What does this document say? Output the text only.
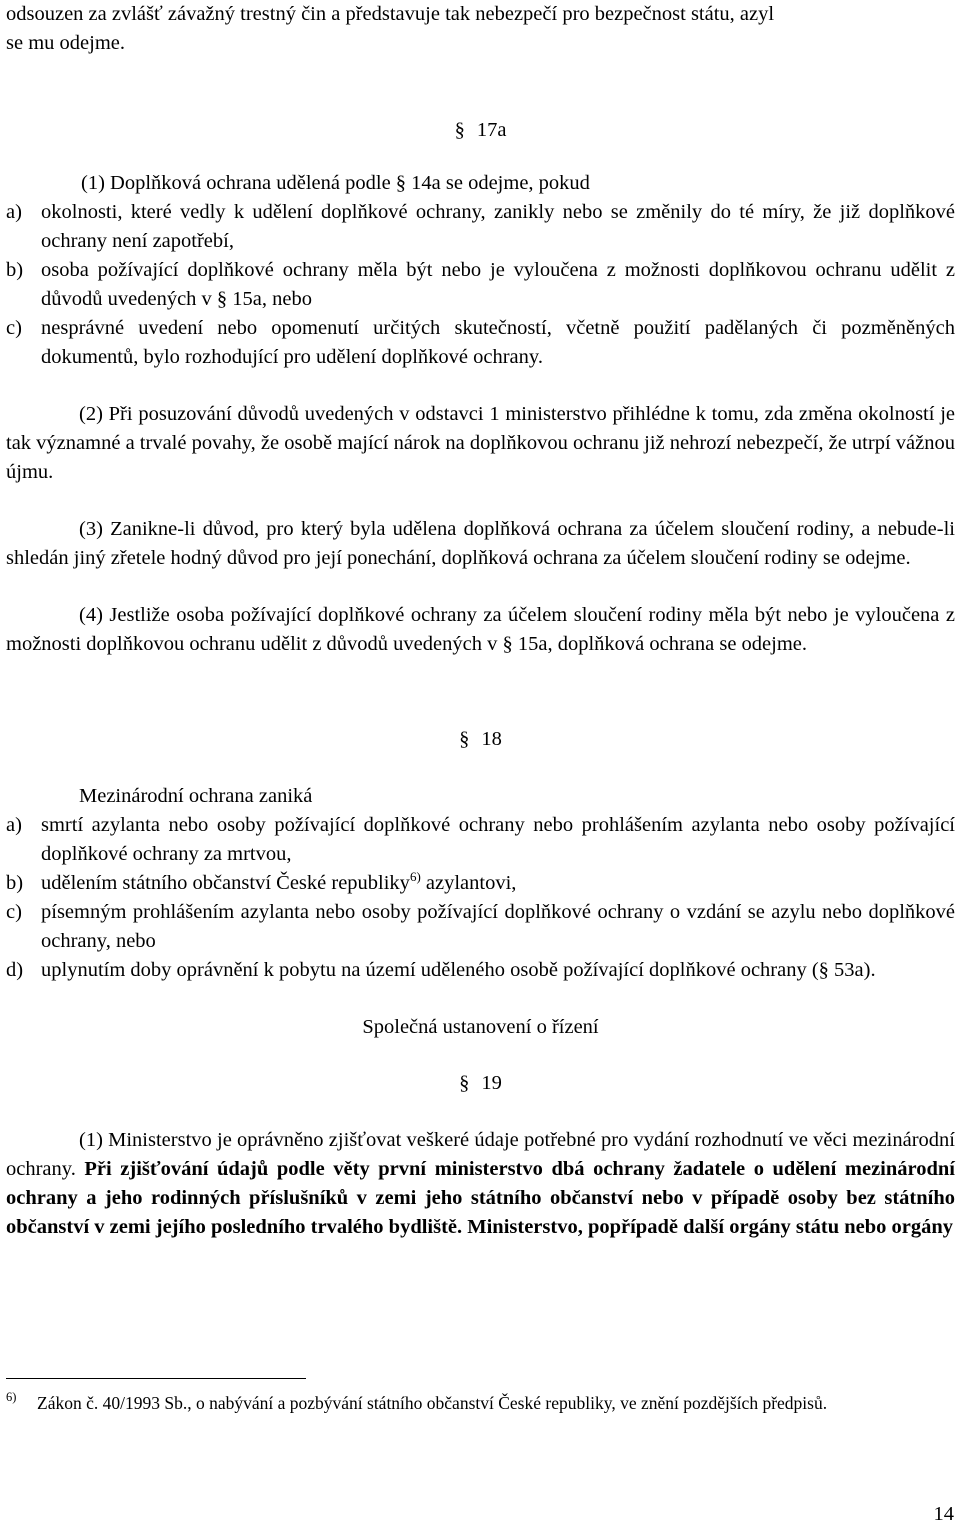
odsouzen za zvlášť závažný trestný čin a představuje tak nebezpečí pro bezpečnost státu, azyl
se mu odejme.

§ 17a

(1) Doplňková ochrana udělená podle § 14a se odejme, pokud

a) okolnosti, které vedly k udělení doplňkové ochrany, zanikly nebo se změnily do té míry, že již doplňkové ochrany není zapotřebí,
b) osoba požívající doplňkové ochrany měla být nebo je vyloučena z možnosti doplňkovou ochranu udělit z důvodů uvedených v § 15a, nebo
c) nesprávné uvedení nebo opomenutí určitých skutečností, včetně použití padělaných či pozměněných dokumentů, bylo rozhodující pro udělení doplňkové ochrany.

(2) Při posuzování důvodů uvedených v odstavci 1 ministerstvo přihlédne k tomu, zda změna okolností je tak významné a trvalé povahy, že osobě mající nárok na doplňkovou ochranu již nehrozí nebezpečí, že utrpí vážnou újmu.

(3) Zanikne-li důvod, pro který byla udělena doplňková ochrana za účelem sloučení rodiny, a nebude-li shledán jiný zřetele hodný důvod pro její ponechání, doplňková ochrana za účelem sloučení rodiny se odejme.

(4) Jestliže osoba požívající doplňkové ochrany za účelem sloučení rodiny měla být nebo je vyloučena z možnosti doplňkovou ochranu udělit z důvodů uvedených v § 15a, doplňková ochrana se odejme.

§ 18

Mezinárodní ochrana zaniká

a) smrtí azylanta nebo osoby požívající doplňkové ochrany nebo prohlášením azylanta nebo osoby požívající doplňkové ochrany za mrtvou,
b) udělením státního občanství České republiky$^{6)}$ azylantovi,
c) písemným prohlášením azylanta nebo osoby požívající doplňkové ochrany o vzdání se azylu nebo doplňkové ochrany, nebo
d) uplynutím doby oprávnění k pobytu na území uděleného osobě požívající doplňkové ochrany (§ 53a).

Společná ustanovení o řízení

§ 19

(1) Ministerstvo je oprávněno zjišťovat veškeré údaje potřebné pro vydání rozhodnutí ve věci mezinárodní ochrany. Při zjišťování údajů podle věty první ministerstvo dbá ochrany žadatele o udělení mezinárodní ochrany a jeho rodinných příslušníků v zemi jeho státního občanství nebo v případě osoby bez státního občanství v zemi jejího posledního trvalého bydliště. Ministerstvo, popřípadě další orgány státu nebo orgány

6)	Zákon č. 40/1993 Sb., o nabývání a pozbývání státního občanství České republiky, ve znění pozdějších předpisů.
14
